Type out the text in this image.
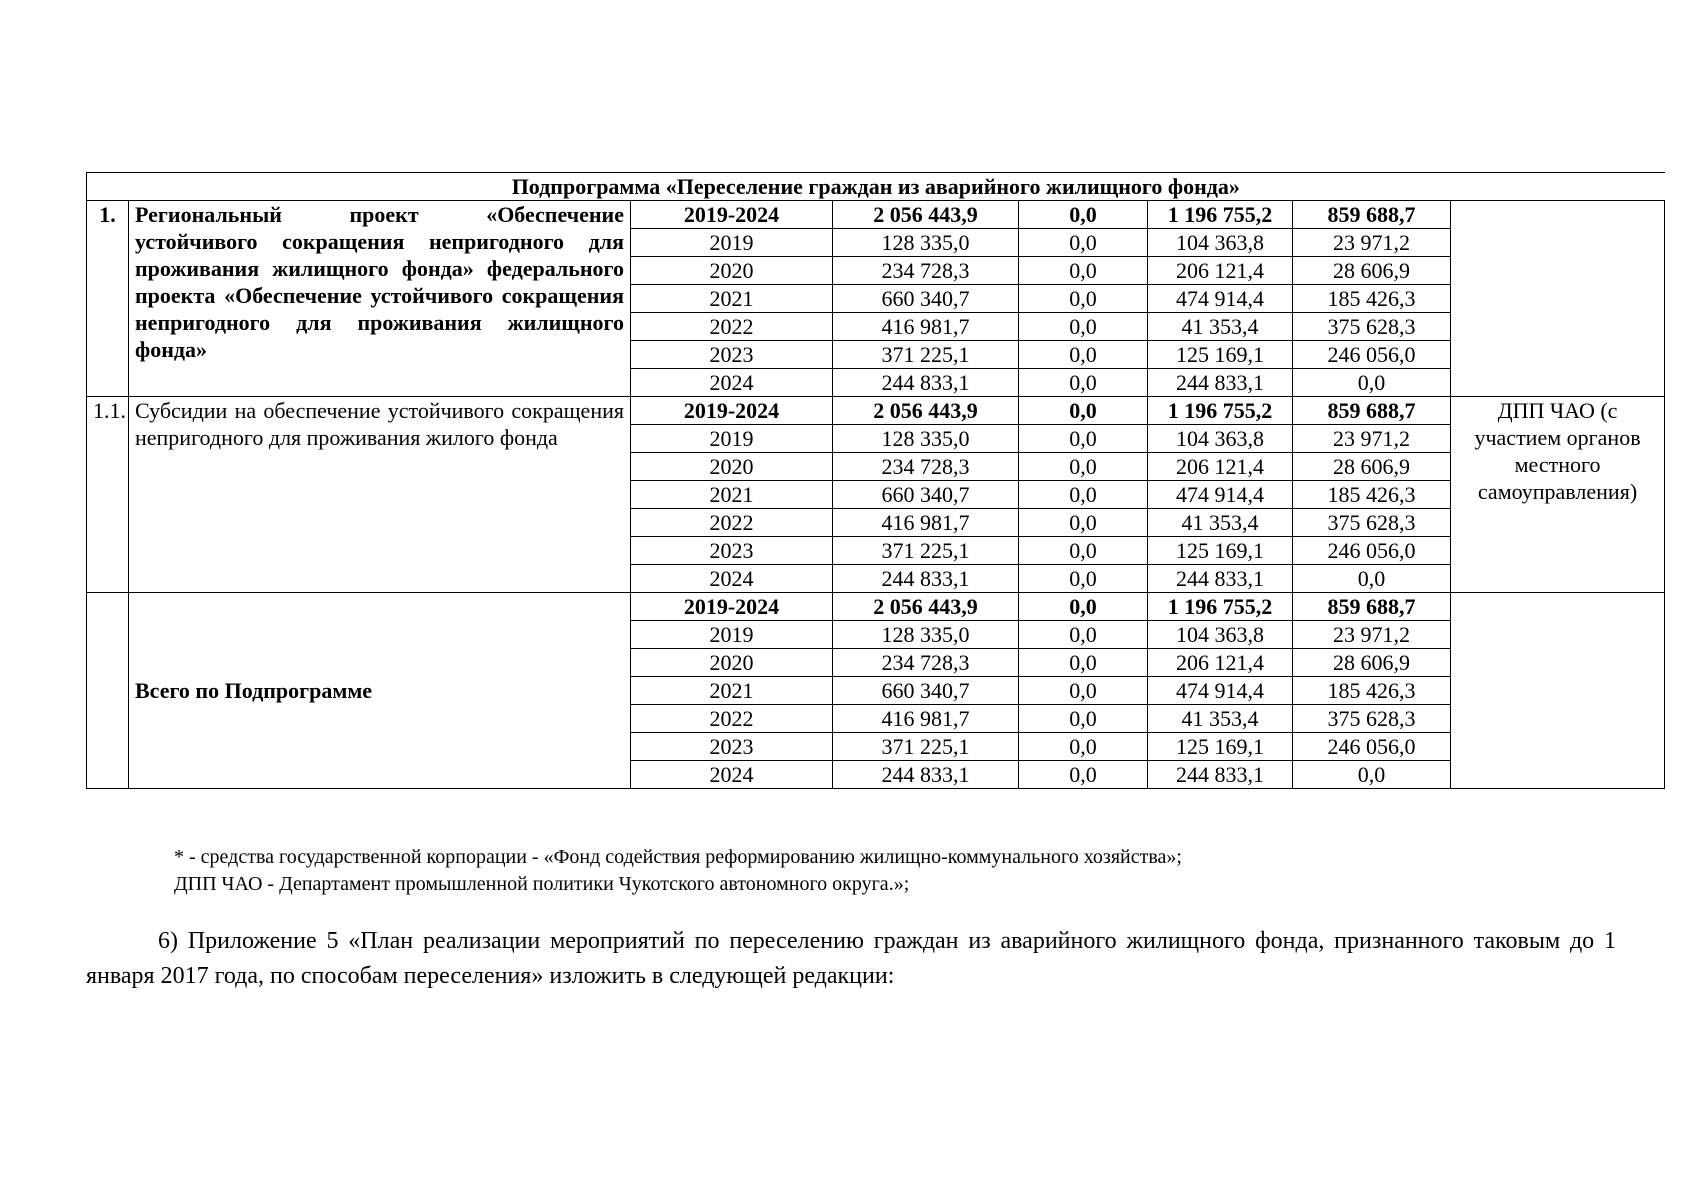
Подпрограмма «Переселение граждан из аварийного жилищного фонда»							
1.	Региональный проект «Обеспечение устойчивого сокращения непригодного для проживания жилищного фонда» федерального проекта «Обеспечение устойчивого сокращения непригодного для проживания жилищного фонда»	2019-2024	2 056 443,9	0,0	1 196 755,2	859 688,7	
		2019	128 335,0	0,0	104 363,8	23 971,2	
		2020	234 728,3	0,0	206 121,4	28 606,9	
		2021	660 340,7	0,0	474 914,4	185 426,3	
		2022	416 981,7	0,0	41 353,4	375 628,3	
		2023	371 225,1	0,0	125 169,1	246 056,0	
		2024	244 833,1	0,0	244 833,1	0,0	
1.1.	Субсидии на обеспечение устойчивого сокращения непригодного для проживания жилого фонда	2019-2024	2 056 443,9	0,0	1 196 755,2	859 688,7	ДПП ЧАО (с участием органов местного самоуправления)
		2019	128 335,0	0,0	104 363,8	23 971,2	
		2020	234 728,3	0,0	206 121,4	28 606,9	
		2021	660 340,7	0,0	474 914,4	185 426,3	
		2022	416 981,7	0,0	41 353,4	375 628,3	
		2023	371 225,1	0,0	125 169,1	246 056,0	
		2024	244 833,1	0,0	244 833,1	0,0	
	Всего по Подпрограмме	2019-2024	2 056 443,9	0,0	1 196 755,2	859 688,7	
		2019	128 335,0	0,0	104 363,8	23 971,2	
		2020	234 728,3	0,0	206 121,4	28 606,9	
		2021	660 340,7	0,0	474 914,4	185 426,3	
		2022	416 981,7	0,0	41 353,4	375 628,3	
		2023	371 225,1	0,0	125 169,1	246 056,0	
		2024	244 833,1	0,0	244 833,1	0,0	
* - средства государственной корпорации - «Фонд содействия реформированию жилищно-коммунального хозяйства»;
ДПП ЧАО - Департамент промышленной политики Чукотского автономного округа.»;
6) Приложение 5 «План реализации мероприятий по переселению граждан из аварийного жилищного фонда, признанного таковым до 1 января 2017 года, по способам переселения» изложить в следующей редакции:
